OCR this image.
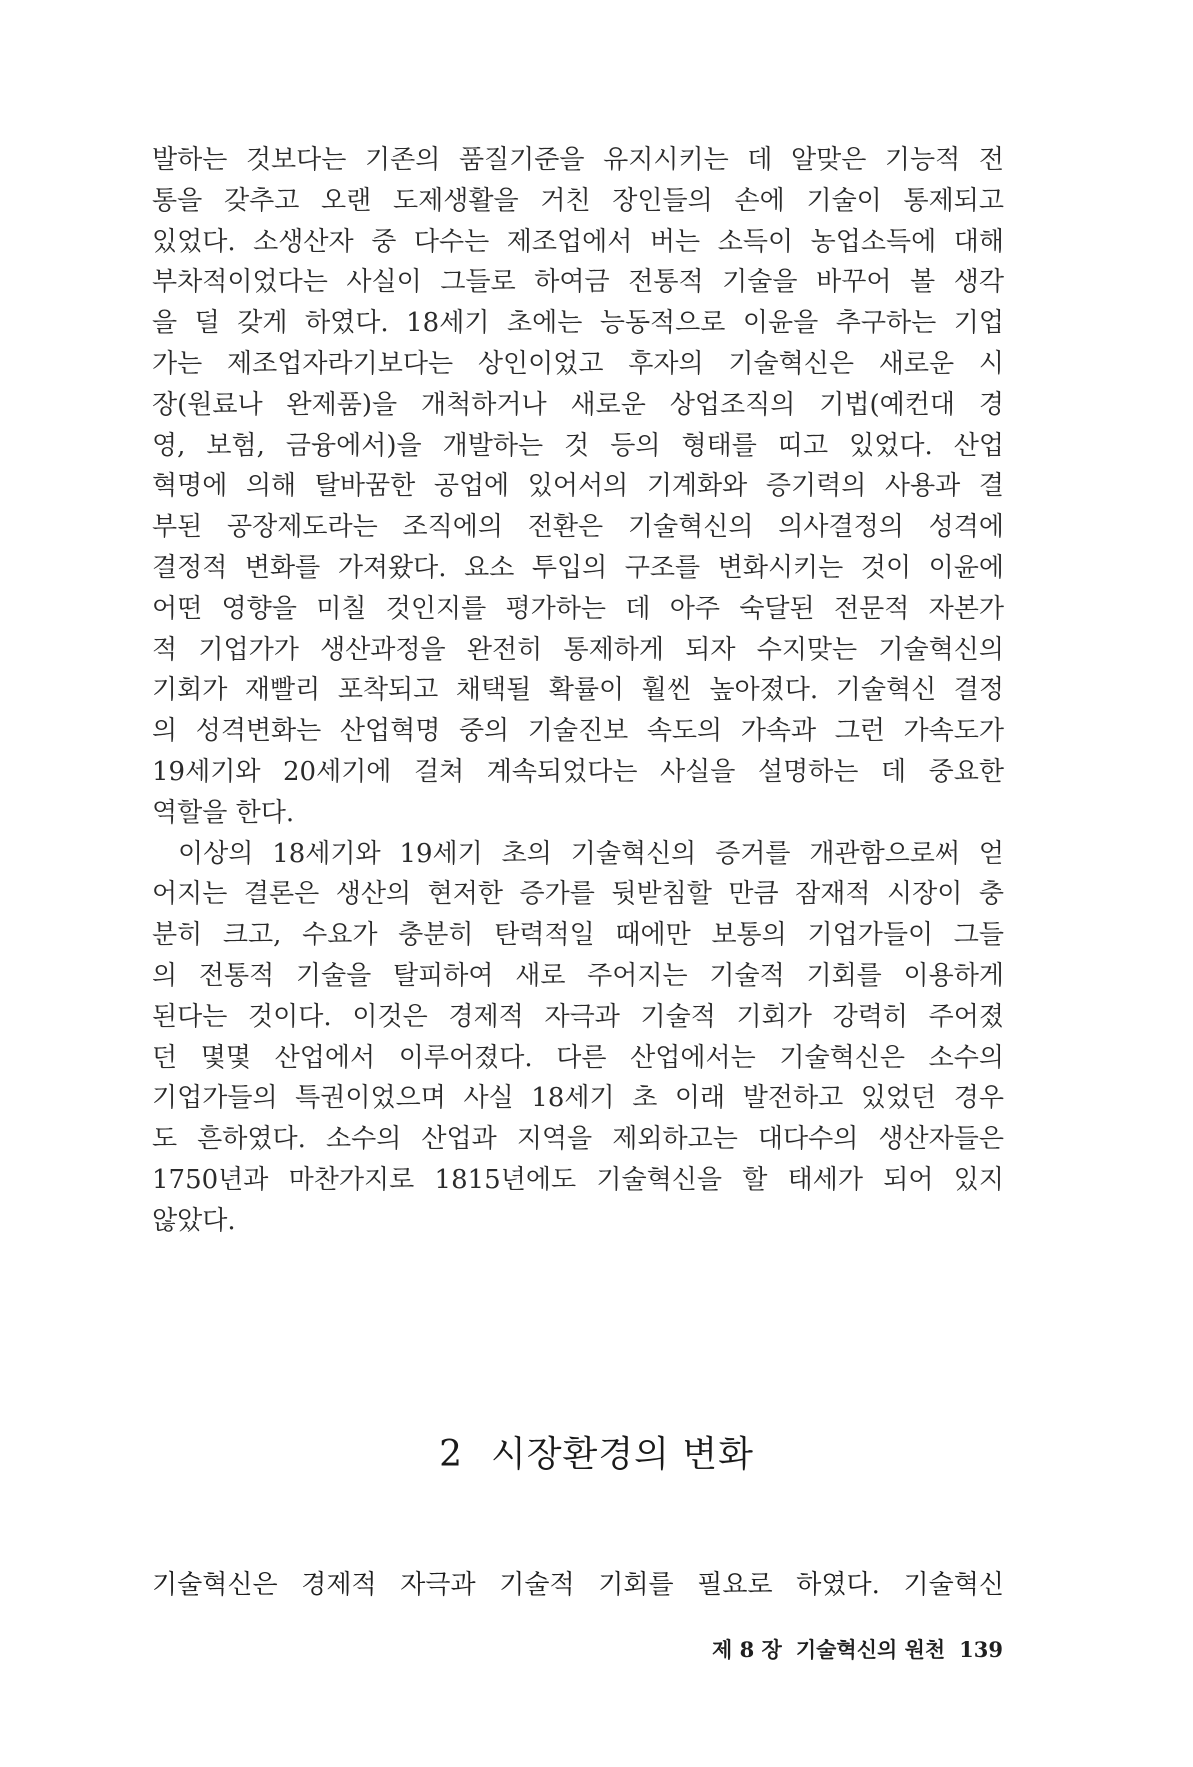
발하는 것보다는 기존의 품질기준을 유지시키는 데 알맞은 기능적 전
통을 갖추고 오랜 도제생활을 거친 장인들의 손에 기술이 통제되고
있었다. 소생산자 중 다수는 제조업에서 버는 소득이 농업소득에 대해
부차적이었다는 사실이 그들로 하여금 전통적 기술을 바꾸어 볼 생각
을 덜 갖게 하였다. 18세기 초에는 능동적으로 이윤을 추구하는 기업
가는 제조업자라기보다는 상인이었고 후자의 기술혁신은 새로운 시
장(원료나 완제품)을 개척하거나 새로운 상업조직의 기법(예컨대 경
영, 보험, 금융에서)을 개발하는 것 등의 형태를 띠고 있었다. 산업
혁명에 의해 탈바꿈한 공업에 있어서의 기계화와 증기력의 사용과 결
부된 공장제도라는 조직에의 전환은 기술혁신의 의사결정의 성격에
결정적 변화를 가져왔다. 요소 투입의 구조를 변화시키는 것이 이윤에
어떤 영향을 미칠 것인지를 평가하는 데 아주 숙달된 전문적 자본가
적 기업가가 생산과정을 완전히 통제하게 되자 수지맞는 기술혁신의
기회가 재빨리 포착되고 채택될 확률이 훨씬 높아졌다. 기술혁신 결정
의 성격변화는 산업혁명 중의 기술진보 속도의 가속과 그런 가속도가
19세기와 20세기에 걸쳐 계속되었다는 사실을 설명하는 데 중요한
역할을 한다.
이상의 18세기와 19세기 초의 기술혁신의 증거를 개관함으로써 얻
어지는 결론은 생산의 현저한 증가를 뒷받침할 만큼 잠재적 시장이 충
분히 크고, 수요가 충분히 탄력적일 때에만 보통의 기업가들이 그들
의 전통적 기술을 탈피하여 새로 주어지는 기술적 기회를 이용하게
된다는 것이다. 이것은 경제적 자극과 기술적 기회가 강력히 주어졌
던 몇몇 산업에서 이루어졌다. 다른 산업에서는 기술혁신은 소수의
기업가들의 특권이었으며 사실 18세기 초 이래 발전하고 있었던 경우
도 흔하였다. 소수의 산업과 지역을 제외하고는 대다수의 생산자들은
1750년과 마찬가지로 1815년에도 기술혁신을 할 태세가 되어 있지
않았다.
2 시장환경의 변화
기술혁신은 경제적 자극과 기술적 기회를 필요로 하였다. 기술혁신
제 8 장 기술혁신의 원천 139
